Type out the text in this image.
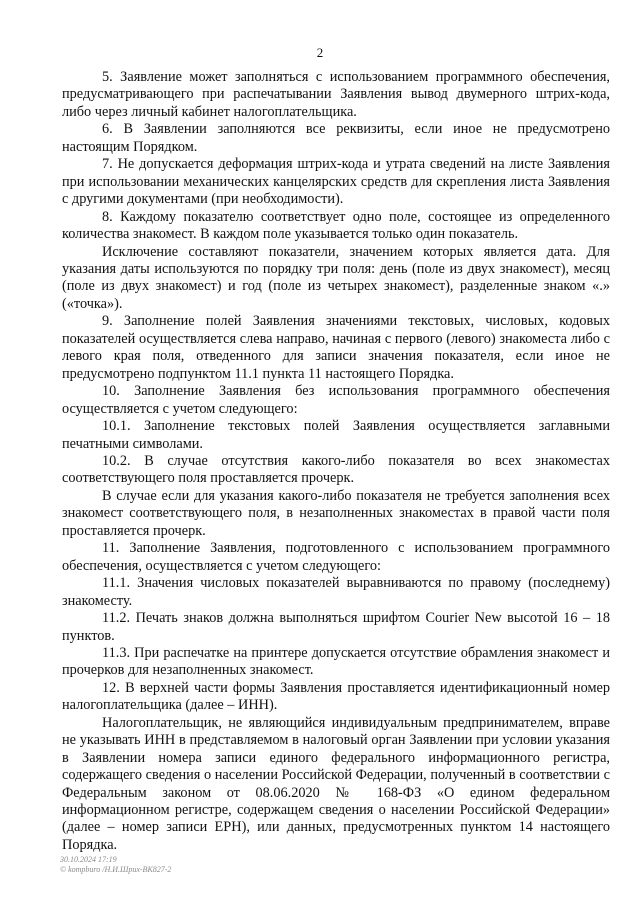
2

5. Заявление может заполняться с использованием программного обеспечения, предусматривающего при распечатывании Заявления вывод двумерного штрих-кода, либо через личный кабинет налогоплательщика.

6. В Заявлении заполняются все реквизиты, если иное не предусмотрено настоящим Порядком.

7. Не допускается деформация штрих-кода и утрата сведений на листе Заявления при использовании механических канцелярских средств для скрепления листа Заявления с другими документами (при необходимости).

8. Каждому показателю соответствует одно поле, состоящее из определенного количества знакомест. В каждом поле указывается только один показатель.

Исключение составляют показатели, значением которых является дата. Для указания даты используются по порядку три поля: день (поле из двух знакомест), месяц (поле из двух знакомест) и год (поле из четырех знакомест), разделенные знаком «.» («точка»).

9. Заполнение полей Заявления значениями текстовых, числовых, кодовых показателей осуществляется слева направо, начиная с первого (левого) знакоместа либо с левого края поля, отведенного для записи значения показателя, если иное не предусмотрено подпунктом 11.1 пункта 11 настоящего Порядка.

10. Заполнение Заявления без использования программного обеспечения осуществляется с учетом следующего:

10.1. Заполнение текстовых полей Заявления осуществляется заглавными печатными символами.

10.2. В случае отсутствия какого-либо показателя во всех знакоместах соответствующего поля проставляется прочерк.

В случае если для указания какого-либо показателя не требуется заполнения всех знакомест соответствующего поля, в незаполненных знакоместах в правой части поля проставляется прочерк.

11. Заполнение Заявления, подготовленного с использованием программного обеспечения, осуществляется с учетом следующего:

11.1. Значения числовых показателей выравниваются по правому (последнему) знакоместу.

11.2. Печать знаков должна выполняться шрифтом Courier New высотой 16 – 18 пунктов.

11.3. При распечатке на принтере допускается отсутствие обрамления знакомест и прочерков для незаполненных знакомест.

12. В верхней части формы Заявления проставляется идентификационный номер налогоплательщика (далее – ИНН).

Налогоплательщик, не являющийся индивидуальным предпринимателем, вправе не указывать ИНН в представляемом в налоговый орган Заявлении при условии указания в Заявлении номера записи единого федерального информационного регистра, содержащего сведения о населении Российской Федерации, полученный в соответствии с Федеральным законом от 08.06.2020 № 168-ФЗ «О едином федеральном информационном регистре, содержащем сведения о населении Российской Федерации» (далее – номер записи ЕРН), или данных, предусмотренных пунктом 14 настоящего Порядка.

30.10.2024 17:19
© kompburo /Н.И.Шрих-ВК827-2
